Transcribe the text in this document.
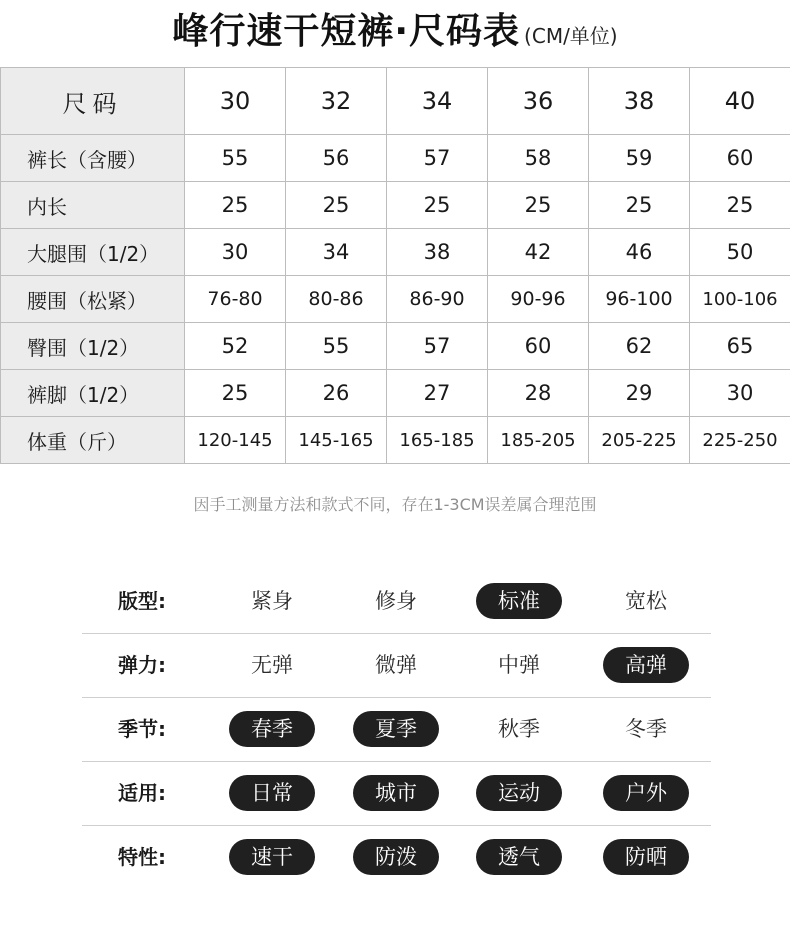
峰行速干短裤·尺码表 (CM/单位)
尺码	30	32	34	36	38	40
裤长（含腰）	55	56	57	58	59	60
内长	25	25	25	25	25	25
大腿围（1/2）	30	34	38	42	46	50
腰围（松紧）	76-80	80-86	86-90	90-96	96-100	100-106
臀围（1/2）	52	55	57	60	62	65
裤脚（1/2）	25	26	27	28	29	30
体重（斤）	120-145	145-165	165-185	185-205	205-225	225-250
因手工测量方法和款式不同，存在1-3CM误差属合理范围
版型:	紧身	修身	标准	宽松
弹力:	无弹	微弹	中弹	高弹
季节:	春季	夏季	秋季	冬季
适用:	日常	城市	运动	户外
特性:	速干	防泼	透气	防晒
